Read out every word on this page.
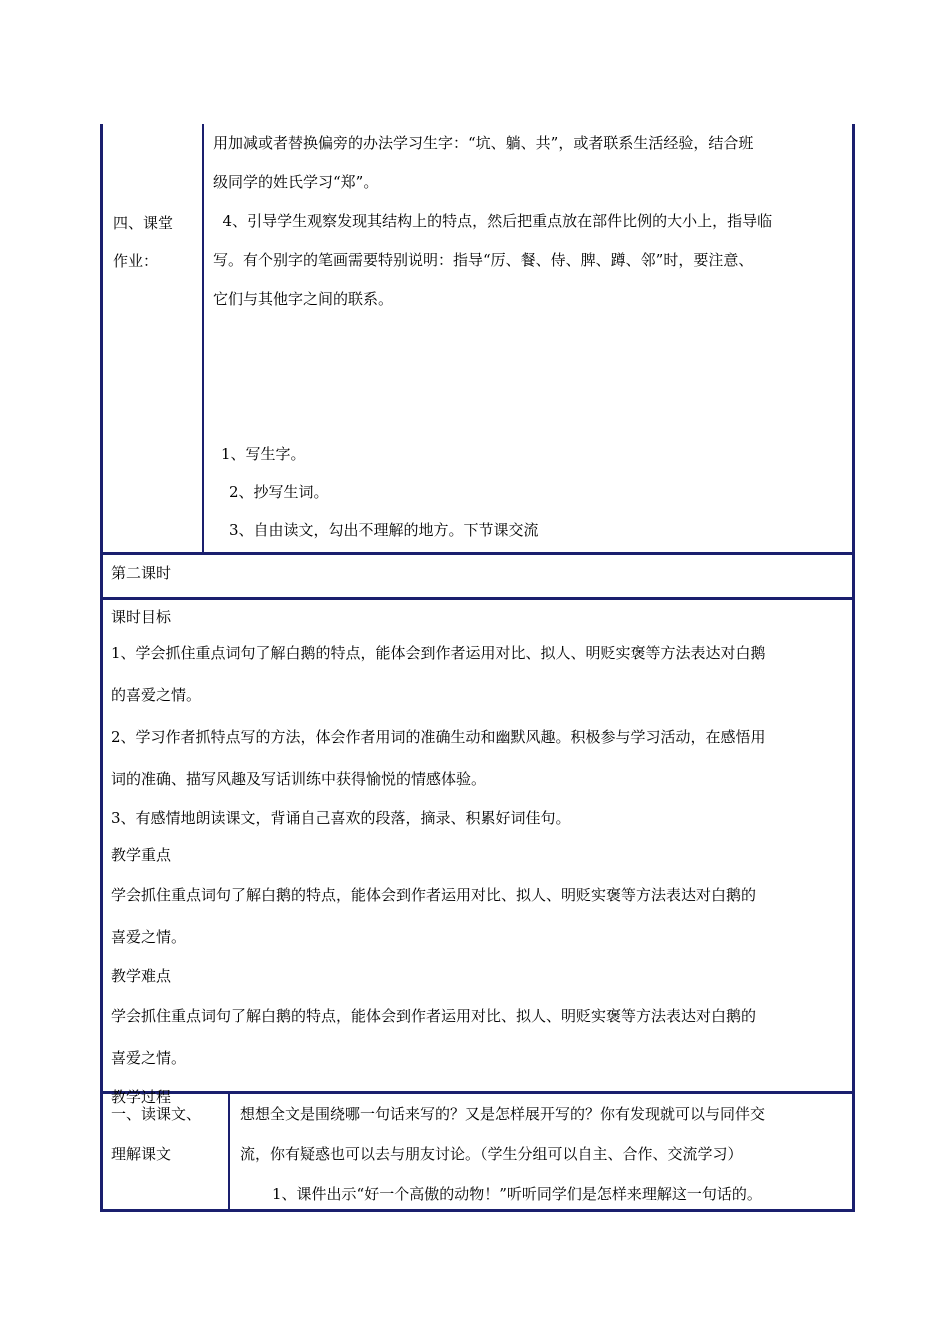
四、课堂
作业：

用加减或者替换偏旁的办法学习生字：“坑、躺、共”，或者联系生活经验，结合班

级同学的姓氏学习“郑”。

4、引导学生观察发现其结构上的特点，然后把重点放在部件比例的大小上，指导临

写。有个别字的笔画需要特别说明：指导“厉、餐、侍、脾、蹲、邻”时，要注意、

它们与其他字之间的联系。

1、写生字。

2、抄写生词。

3、自由读文，勾出不理解的地方。下节课交流

第二课时

课时目标

1、学会抓住重点词句了解白鹅的特点，能体会到作者运用对比、拟人、明贬实褒等方法表达对白鹅

的喜爱之情。

2、学习作者抓特点写的方法，体会作者用词的准确生动和幽默风趣。积极参与学习活动，在感悟用

词的准确、描写风趣及写话训练中获得愉悦的情感体验。

3、有感情地朗读课文，背诵自己喜欢的段落，摘录、积累好词佳句。

教学重点

学会抓住重点词句了解白鹅的特点，能体会到作者运用对比、拟人、明贬实褒等方法表达对白鹅的

喜爱之情。

教学难点

学会抓住重点词句了解白鹅的特点，能体会到作者运用对比、拟人、明贬实褒等方法表达对白鹅的

喜爱之情。

教学过程

一、读课文、
理解课文

想想全文是围绕哪一句话来写的？又是怎样展开写的？你有发现就可以与同伴交

流，你有疑惑也可以去与朋友讨论。（学生分组可以自主、合作、交流学习）

1、课件出示“好一个高傲的动物！”听听同学们是怎样来理解这一句话的。
